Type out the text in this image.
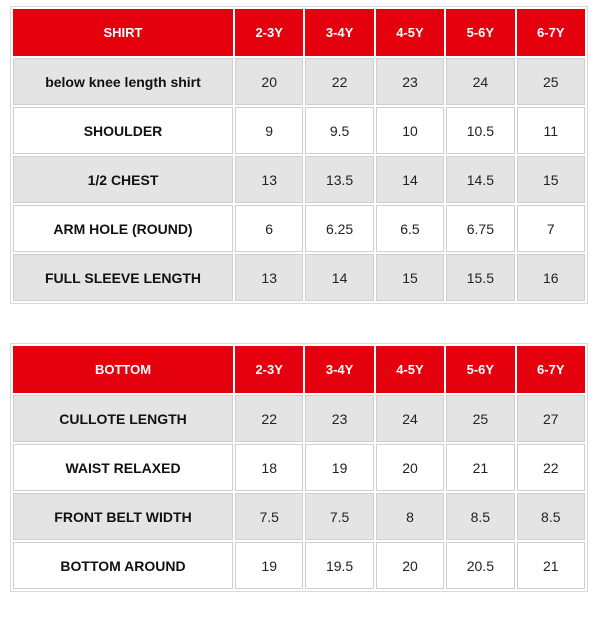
SHIRT	2-3Y	3-4Y	4-5Y	5-6Y	6-7Y
below knee length shirt	20	22	23	24	25
SHOULDER	9	9.5	10	10.5	11
1/2 CHEST	13	13.5	14	14.5	15
ARM HOLE (ROUND)	6	6.25	6.5	6.75	7
FULL SLEEVE LENGTH	13	14	15	15.5	16
BOTTOM	2-3Y	3-4Y	4-5Y	5-6Y	6-7Y
CULLOTE LENGTH	22	23	24	25	27
WAIST RELAXED	18	19	20	21	22
FRONT BELT WIDTH	7.5	7.5	8	8.5	8.5
BOTTOM AROUND	19	19.5	20	20.5	21
